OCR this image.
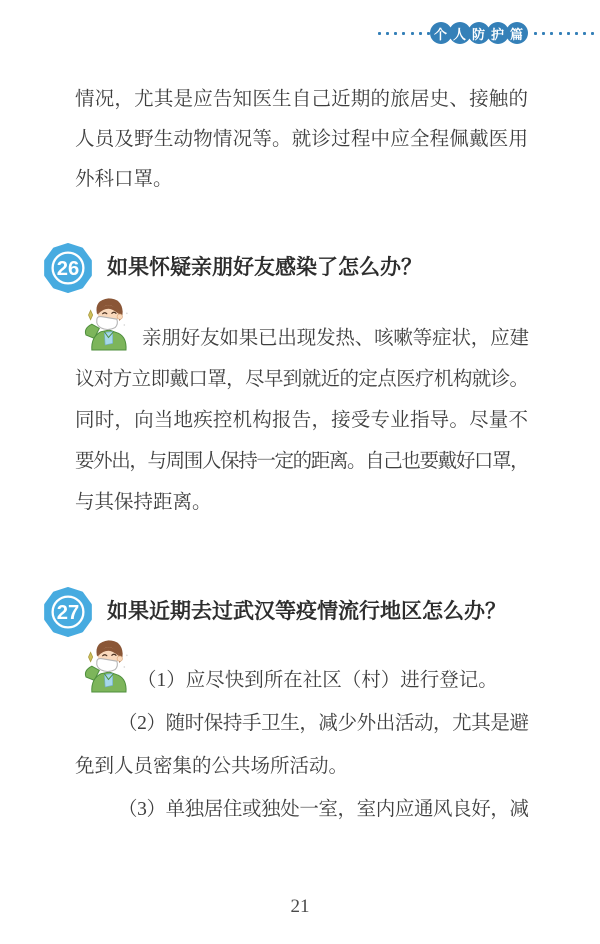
个 人 防 护 篇
情况，尤其是应告知医生自己近期的旅居史、接触的
人员及野生动物情况等。就诊过程中应全程佩戴医用
外科口罩。
26 如果怀疑亲朋好友感染了怎么办？
亲朋好友如果已出现发热、咳嗽等症状，应建
议对方立即戴口罩，尽早到就近的定点医疗机构就诊。
同时，向当地疾控机构报告，接受专业指导。尽量不
要外出，与周围人保持一定的距离。自己也要戴好口罩，
与其保持距离。
27 如果近期去过武汉等疫情流行地区怎么办？
（1）应尽快到所在社区（村）进行登记。
（2）随时保持手卫生，减少外出活动，尤其是避
免到人员密集的公共场所活动。
（3）单独居住或独处一室，室内应通风良好，减
21
